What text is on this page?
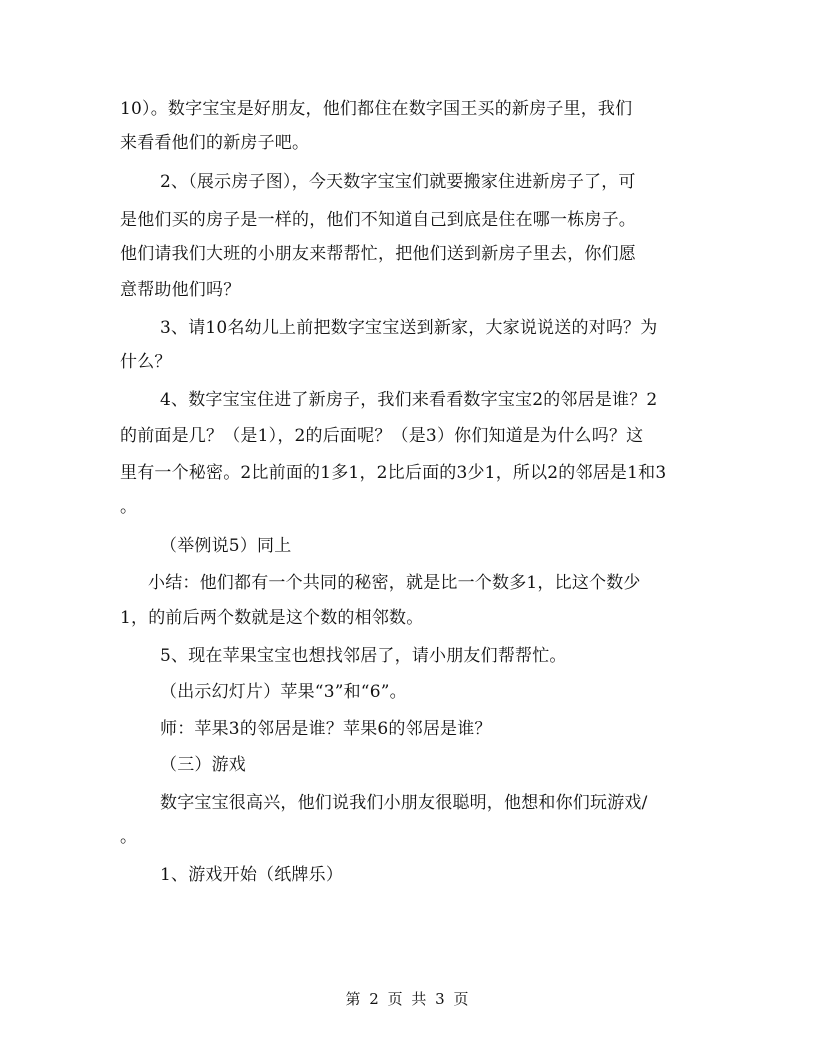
10）。数字宝宝是好朋友，他们都住在数字国王买的新房子里，我们
来看看他们的新房子吧。
2、（展示房子图），今天数字宝宝们就要搬家住进新房子了，可
是他们买的房子是一样的，他们不知道自己到底是住在哪一栋房子。
他们请我们大班的小朋友来帮帮忙，把他们送到新房子里去，你们愿
意帮助他们吗？
3、请10名幼儿上前把数字宝宝送到新家，大家说说送的对吗？为
什么？
4、数字宝宝住进了新房子，我们来看看数字宝宝2的邻居是谁？2
的前面是几？（是1），2的后面呢？（是3）你们知道是为什么吗？这
里有一个秘密。2比前面的1多1，2比后面的3少1，所以2的邻居是1和3
。
（举例说5）同上
小结：他们都有一个共同的秘密，就是比一个数多1，比这个数少
1，的前后两个数就是这个数的相邻数。
5、现在苹果宝宝也想找邻居了，请小朋友们帮帮忙。
（出示幻灯片）苹果“3”和“6”。
师：苹果3的邻居是谁？苹果6的邻居是谁？
（三）游戏
数字宝宝很高兴，他们说我们小朋友很聪明，他想和你们玩游戏/
。
1、游戏开始（纸牌乐）
第 2 页 共 3 页
